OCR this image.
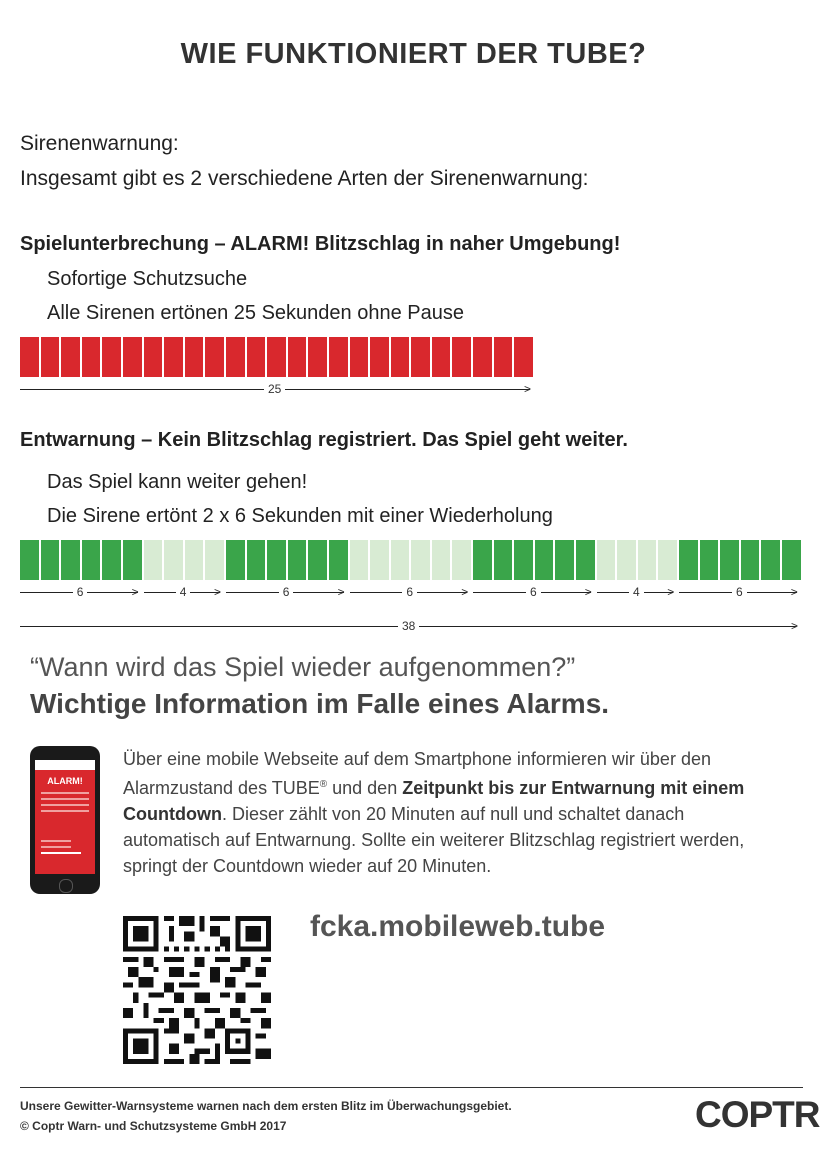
WIE FUNKTIONIERT DER TUBE?
Sirenenwarnung:
Insgesamt gibt es 2 verschiedene Arten der Sirenenwarnung:
Spielunterbrechung – ALARM! Blitzschlag in naher Umgebung!
Sofortige Schutzsuche
Alle Sirenen ertönen 25 Sekunden ohne Pause
>
25
Entwarnung – Kein Blitzschlag registriert. Das Spiel geht weiter.
Das Spiel kann weiter gehen!
Die Sirene ertönt 2 x 6 Sekunden mit einer Wiederholung
>
6	>
4	>
6	>
6	>
6	>
4	>
6
>
38
“Wann wird das Spiel wieder aufgenommen?”
Wichtige Information im Falle eines Alarms.
ALARM!
Über eine mobile Webseite auf dem Smartphone informieren wir über den Alarmzustand des TUBE® und den Zeitpunkt bis zur Entwarnung mit einem Countdown. Dieser zählt von 20 Minuten auf null und schaltet danach automatisch auf Entwarnung. Sollte ein weiterer Blitzschlag registriert werden, springt der Countdown wieder auf 20 Minuten.
fcka.mobileweb.tube
Unsere Gewitter-Warnsysteme warnen nach dem ersten Blitz im Überwachungsgebiet.
© Coptr Warn- und Schutzsysteme GmbH 2017	COPTR
